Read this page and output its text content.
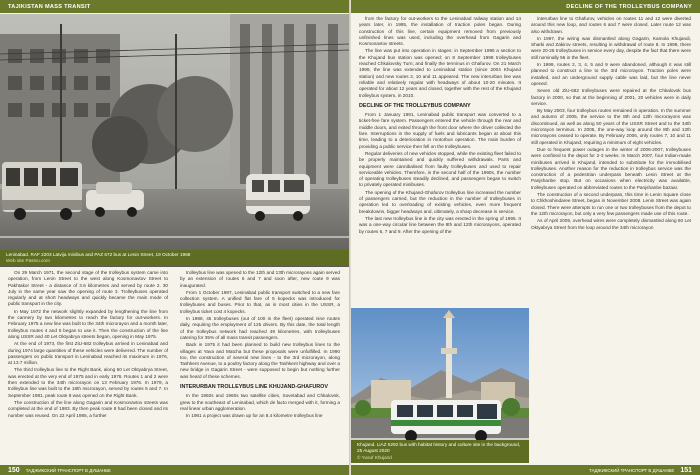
TAJIKISTAN MASS TRANSIT
Leninabad. RAF 2203 Latvija minibus and PAZ 672 bus at Lenin Street, 19 October 1968
Web site Pastvu.com

On 29 March 1971, the second stage of the trolleybus system came into operation, from Lenin Street to the west along Kosmonavtov Street to Pakhtakor Street - a distance of 3.6 kilometres and served by route 2. 30 July in the same year saw the opening of route 3. Trolleybuses operated regularly and at short headways and quickly became the main mode of public transport in the city.

In May 1972 the network slightly expanded by lengthening the line from the cannery by two kilometres to reach the factory for out-workers. In February 1975 a new line was built to the 34th microrayon and a month later, trolleybus routes 4 and 5 began to use it. Then the construction of the line along USSR and 40 Let Oktyabrya streets began, opening in May 1975.

At the end of 1973, the first ZiU-682 trolleybus arrived in Leninabad and during 1974 large quantities of these vehicles were delivered. The number of passengers on public transport in Leninabad reached its maximum in 1976, at 13.7 million.

The third trolleybus line to the Right Bank, along 60 Let Oktyabrya Street, was erected at the very end of 1975 and in early 1976. Routes 1 and 2 were then extended to the 34th microrayon on 13 February 1976. In 1979, a trolleybus line was built to the 18th microrayon, served by routes 5 and 7. In September 1981, peak route 8 was opened on the Right Bank.

The construction of the line along Gagarin and Kosmonavtov streets was completed at the end of 1983. By then peak route 8 had been closed and its number was reused. On 22 April 1985, a further

trolleybus line was opened to the 12th and 13th microrayons again served by an extension of routes 6 and 7 and soon after, new route 9 was inaugurated.

From 1 October 1987, Leninabad public transport switched to a new fare collection system. A unified flat fare of 5 kopecks was introduced for trolleybuses and buses. Prior to that, as in most cities in the USSR, a trolleybus ticket cost 4 kopecks.

In 1988, 45 trolleybuses (out of 100 in the fleet) operated nine routes daily, requiring the employment of 125 drivers. By this date, the total length of the trolleybus network had reached 49 kilometres, with trolleybuses catering for 35% of all mass transit passengers.

Back in 1975 it had been planned to build new trolleybus lines to the villages at Yava and Matcha but these proposals were unfulfilled. In 1990 too, the construction of several new lines - to the 3rd microrayon, along Tashkent Avenue, to a poultry factory along the Tashkent highway and over a new bridge in Gagarin Street - were supposed to begin but nothing further was heard of these schemes.

INTERURBAN TROLLEYBUS LINE KHUJAND-GHAFUROV

In the 1950s and 1960s two satellite cities, Sovetabad and Chkalovsk, grew to the southeast of Leninabad, which de facto merged with it, forming a real linear urban agglomeration.

In 1981 a project was drawn up for an 8.4 kilometre trolleybus line

150 ТАДЖИКСКИЙ ТРАНСПОРТ В ДУШАНБЕ
DECLINE OF THE TROLLEYBUS COMPANY

from the factory for out-workers to the Leninabad railway station and 14 years later, in 1995, the installation of traction poles began. During construction of this line, certain equipment removed from previously unfinished lines was used, including the overhead from Gagarin and Kosmonavtov streets.

The line was put into operation in stages: in September 1995 a section to the Khujand bus station was opened; on 8 September 1998 trolleybuses reached Chkalovsky Turn; and finally the terminus in Ghafurov. On 21 March 1999, the line was extended to Leninabad station (since 2004 Khujand station) and new routes 2, 10 and 11 appeared. The new interurban line was reliable and relatively regular with headways of about 10-20 minutes. It operated for about 12 years and closed, together with the rest of the Khujand trolleybus system, in 2010.

DECLINE OF THE TROLLEYBUS COMPANY

From 1 January 1991, Leninabad public transport was converted to a ticket-free fare system. Passengers entered the vehicle through the rear and middle doors, and exited through the front door where the driver collected the fare. Interruptions in the supply of fuels and lubricants began at about this time, leading to a deterioration in motorbus operation. The main burden of providing a public service then fell on the trolleybuses.

Regular deliveries of new vehicles stopped, while the existing fleet failed to be properly maintained and quickly suffered withdrawals. Parts and equipment were cannibalised from faulty trolleybuses and used to repair serviceable vehicles. Therefore, in the second half of the 1990s, the number of operating trolleybuses steadily declined, and passengers began to switch to privately operated minibuses.

The opening of the Khujand-Ghafurov trolleybus line increased the number of passengers carried, but the reduction in the number of trolleybuses in operation led to overloading of existing vehicles, even more frequent breakdowns, bigger headways and, ultimately, a sharp decrease in service.

The last new trolleybus line in the city was erected in the spring of 1995. It was a one-way circular line between the 8th and 12th microrayons, operated by routes 6, 7 and 9. After the opening of the

interurban line to Ghafurov, vehicles on routes 11 and 12 were diverted around this new loop, and routes 6 and 7 were closed. Later route 12 was also withdrawn.

In 1997, the wiring was dismantled along Gagarin, Kamola Khujandi, Sharki and Zakirov streets, resulting in withdrawal of route 8. In 1998, there were 20-25 trolleybuses in service every day, despite the fact that there were still nominally 56 in the fleet.

In 1999, routes 2, 3, 4, 5 and 9 were abandoned, although it was still planned to construct a line to the 3rd microrayon. Traction poles were installed, and an underground supply cable was laid, but the line never opened.

Seven old ZiU-682 trolleybuses were repaired at the Chkalovsk bus factory in 2000, so that at the beginning of 2001, 20 vehicles were in daily service.

By May 2003, four trolleybus routes remained in operation. In the summer and autumn of 2005, the service to the 8th and 12th microrayons was discontinued, as well as along 50 years of the USSR Street and to the 34th microrayon terminus. In 2005, the one-way loop around the 8th and 12th microrayons ceased to operate. By February 2006, only routes 7, 10 and 11 still operated in Khujand, requiring a minimum of eight vehicles.

Due to frequent power outages in the winter of 2006-2007, trolleybuses were confined to the depot for 2-3 weeks. In March 2007, four Indian-made minibuses arrived in Khujand, intended to substitute for the immobilised trolleybuses. Another reason for the reduction in trolleybus service was the construction of a pedestrian underpass beneath Lenin Street at the Panjshanbe stop. But on occasions when electricity was available, trolleybuses operated on abbreviated routes to the Panjshanbe bazaar.

The construction of a second underpass, this time in Lenin Square close to Chkhoshindaree Street, began in November 2008. Lenin Street was again closed. There were attempts to run one or two trolleybuses from the depot to the 12th microrayon, but only a very few passengers made use of this route.

As of April 2009, overhead wires were completely dismantled along 60 Let Oktyabrya Street from the loop around the 34th microrayon

Khujand. LiAZ 5292 bus with habitat history and culture site in the background, 25 August 2020
© Yusuf Khujand
ТАДЖИКСКИЙ ТРАНСПОРТ В ДУШАНБЕ 151
